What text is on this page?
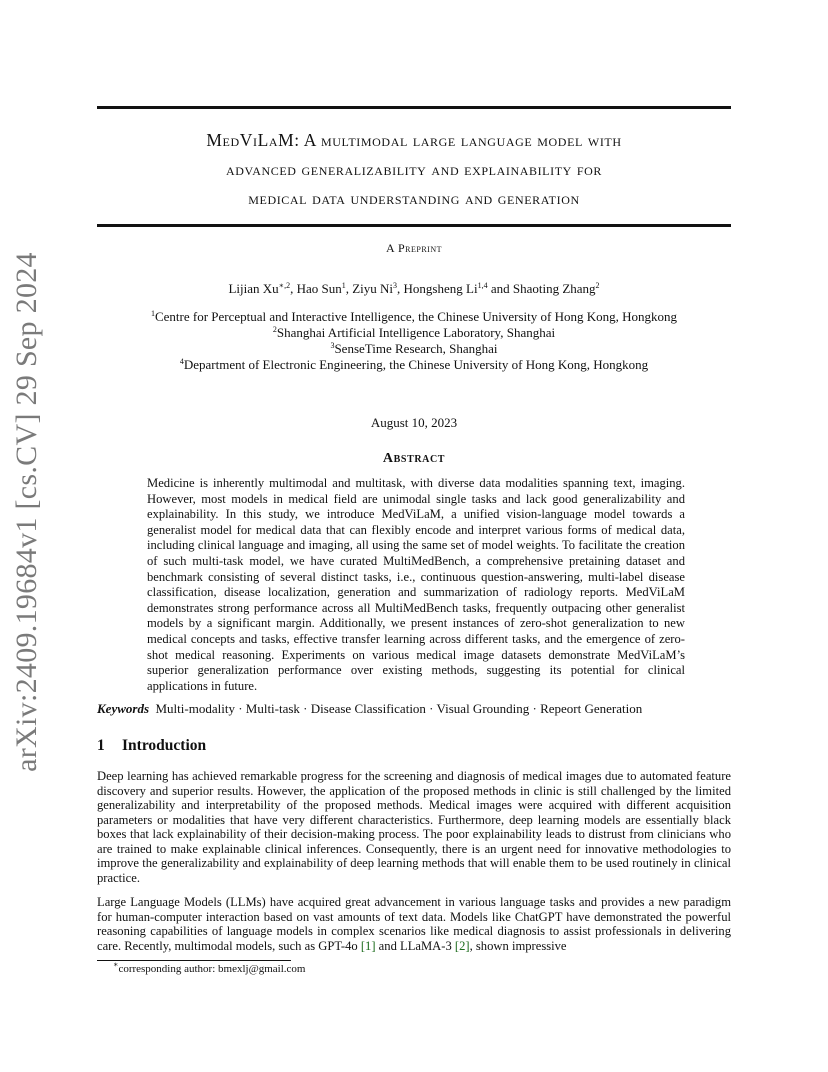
arXiv:2409.19684v1 [cs.CV] 29 Sep 2024
MedViLaM: A multimodal large language model with
advanced generalizability and explainability for
medical data understanding and generation
A Preprint
Lijian $Xu^{∗,2}$, Hao Sun$^1$, Ziyu Ni$^3$, Hongsheng Li$^{1,4}$ and Shaoting Zhang$^2$
$^1$Centre for Perceptual and Interactive Intelligence, the Chinese University of Hong Kong, Hongkong
$^2$Shanghai Artificial Intelligence Laboratory, Shanghai
$^3$SenseTime Research, Shanghai
$^4$Department of Electronic Engineering, the Chinese University of Hong Kong, Hongkong
August 10, 2023
Abstract

Medicine is inherently multimodal and multitask, with diverse data modalities spanning text, imaging. However, most models in medical field are unimodal single tasks and lack good generalizability and explainability. In this study, we introduce MedViLaM, a unified vision-language model towards a generalist model for medical data that can flexibly encode and interpret various forms of medical data, including clinical language and imaging, all using the same set of model weights. To facilitate the creation of such multi-task model, we have curated MultiMedBench, a comprehensive pretaining dataset and benchmark consisting of several distinct tasks, i.e., continuous question-answering, multi-label disease classification, disease localization, generation and summarization of radiology reports. MedViLaM demonstrates strong performance across all MultiMedBench tasks, frequently outpacing other generalist models by a significant margin. Additionally, we present instances of zero-shot generalization to new medical concepts and tasks, effective transfer learning across different tasks, and the emergence of zero-shot medical reasoning. Experiments on various medical image datasets demonstrate MedViLaM’s superior generalization performance over existing methods, suggesting its potential for clinical applications in future.

Keywords Multi-modality · Multi-task · Disease Classification · Visual Grounding · Repeort Generation
1 Introduction

Deep learning has achieved remarkable progress for the screening and diagnosis of medical images due to automated feature discovery and superior results. However, the application of the proposed methods in clinic is still challenged by the limited generalizability and interpretability of the proposed methods. Medical images were acquired with different acquisition parameters or modalities that have very different characteristics. Furthermore, deep learning models are essentially black boxes that lack explainability of their decision-making process. The poor explainability leads to distrust from clinicians who are trained to make explainable clinical inferences. Consequently, there is an urgent need for innovative methodologies to improve the generalizability and explainability of deep learning methods that will enable them to be used routinely in clinical practice.

Large Language Models (LLMs) have acquired great advancement in various language tasks and provides a new paradigm for human-computer interaction based on vast amounts of text data. Models like ChatGPT have demonstrated the powerful reasoning capabilities of language models in complex scenarios like medical diagnosis to assist professionals in delivering care. Recently, multimodal models, such as GPT-4o [1] and LLaMA-3 [2], shown impressive

∗corresponding author: bmexlj@gmail.com
